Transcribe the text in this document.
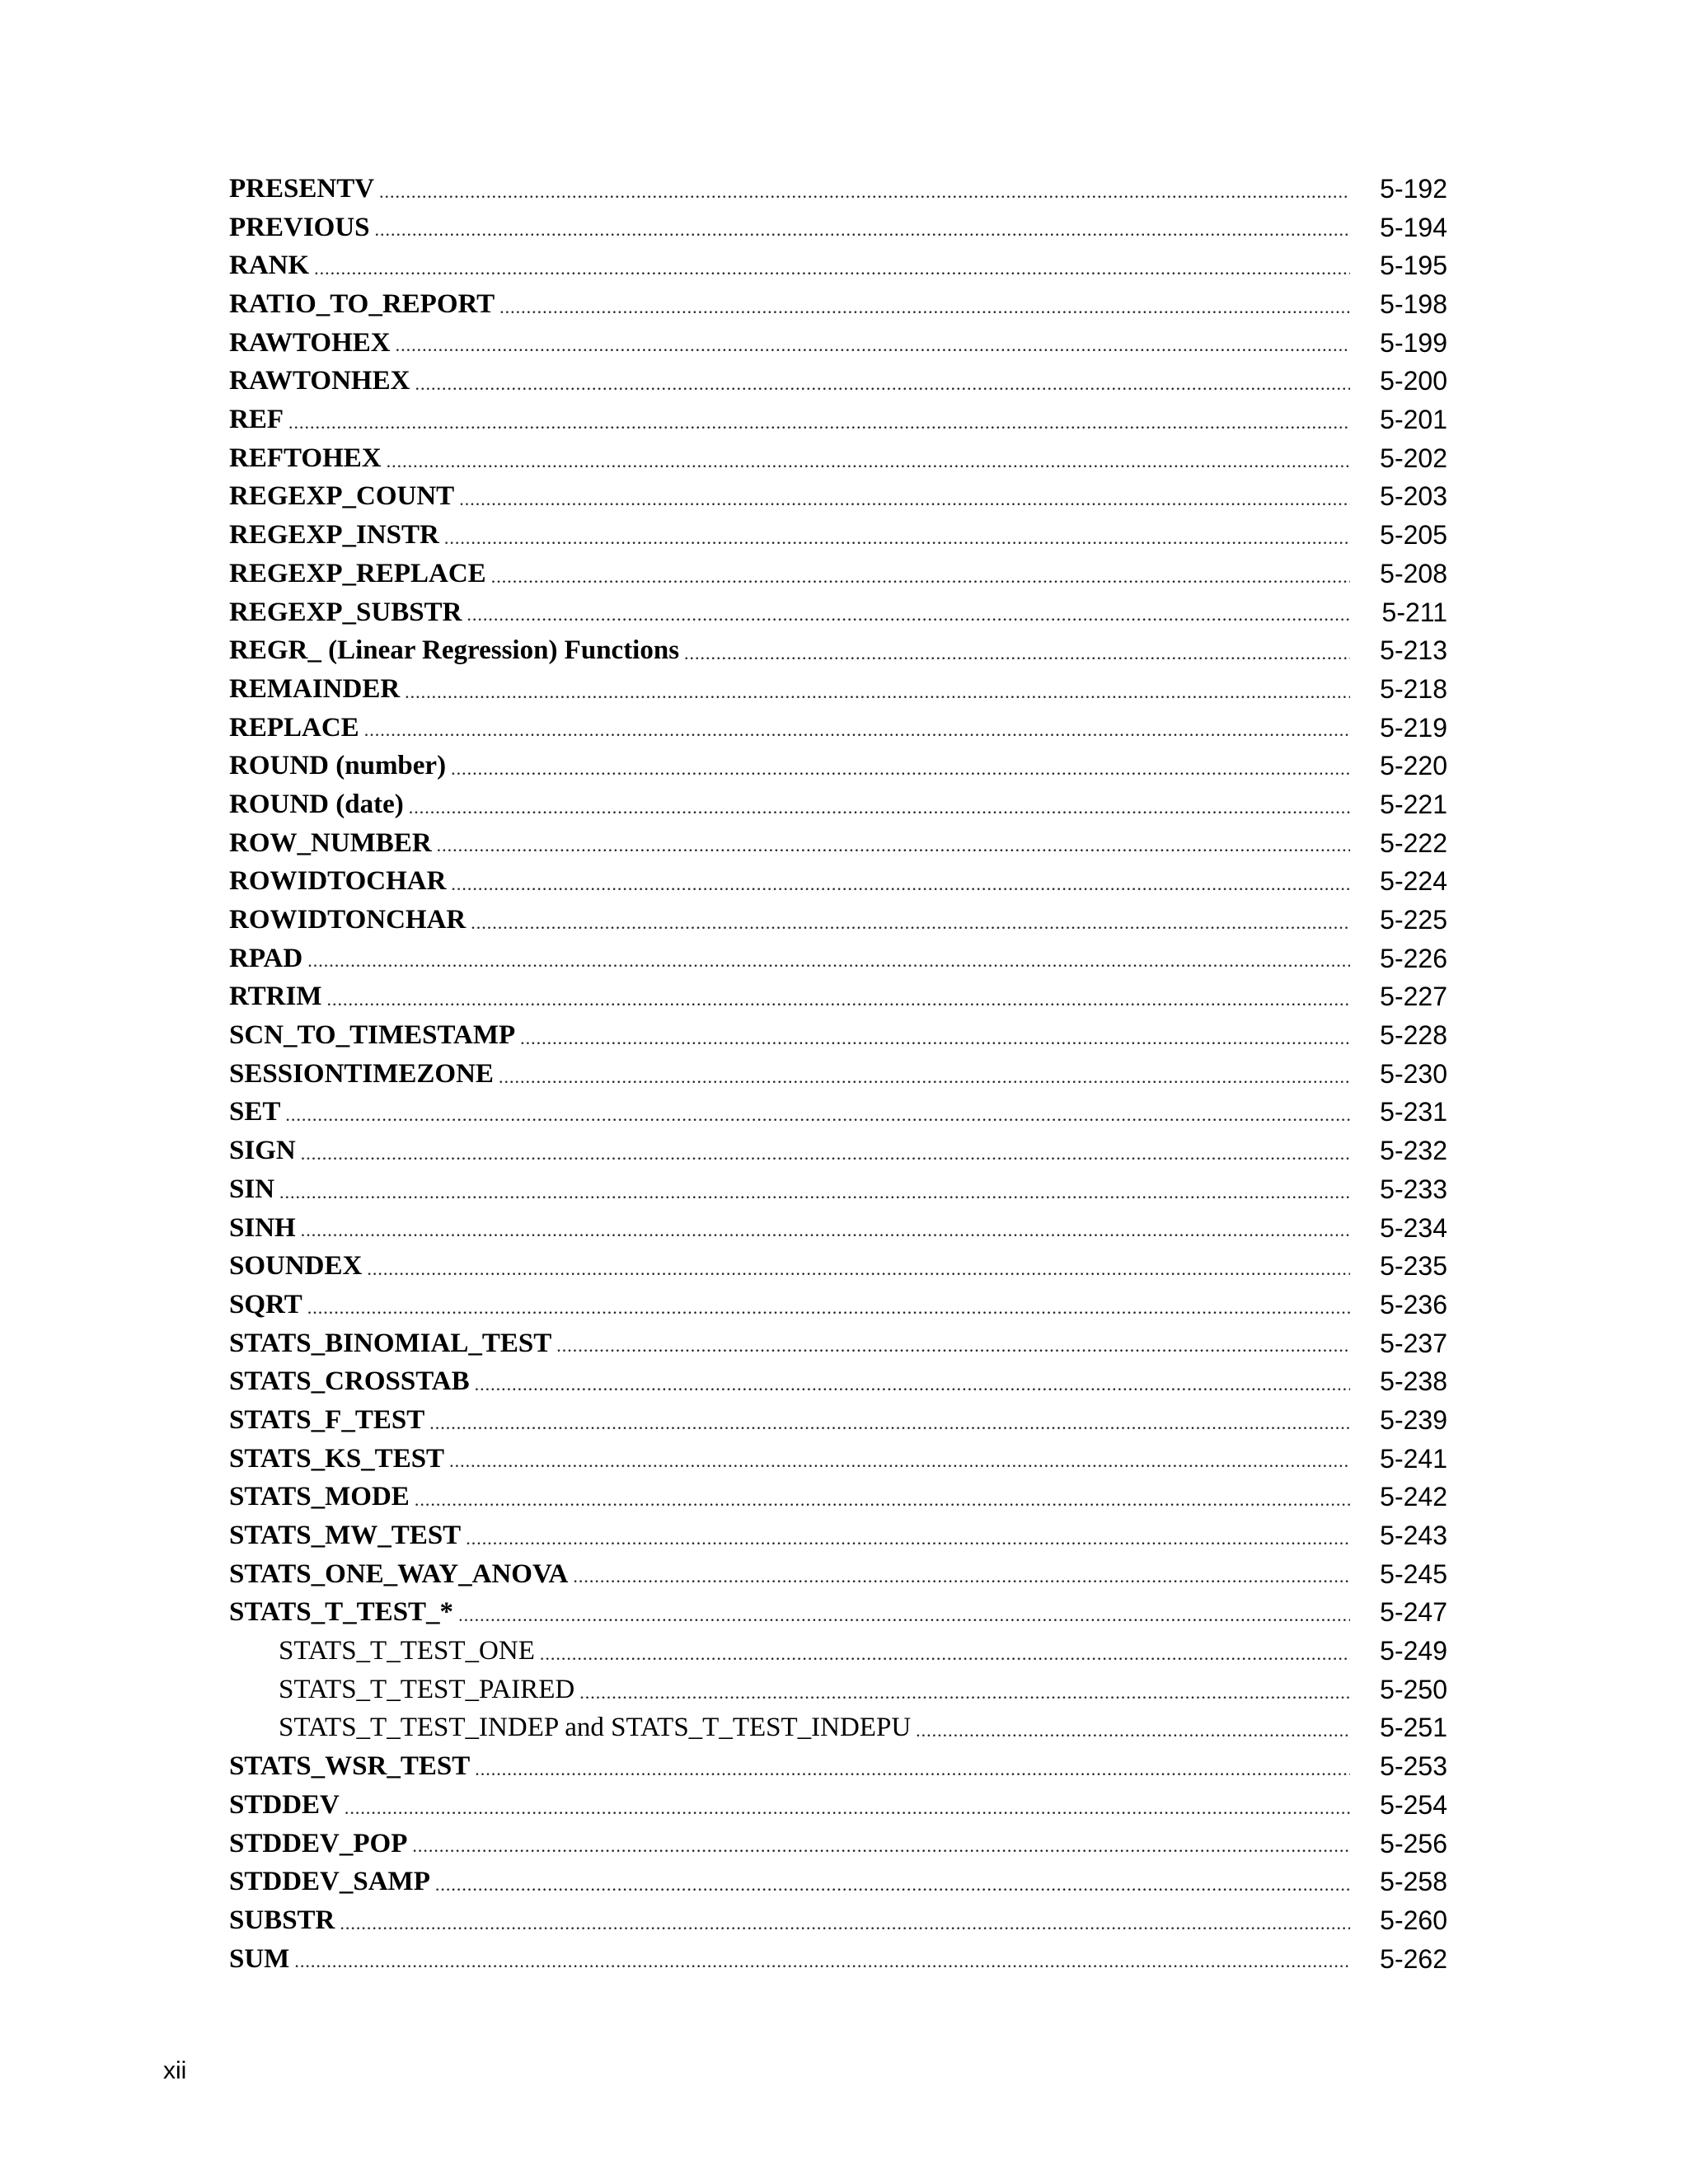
PRESENTV .....	5-192
PREVIOUS .....	5-194
RANK .....	5-195
RATIO_TO_REPORT .....	5-198
RAWTOHEX .....	5-199
RAWTONHEX .....	5-200
REF .....	5-201
REFTOHEX .....	5-202
REGEXP_COUNT .....	5-203
REGEXP_INSTR .....	5-205
REGEXP_REPLACE .....	5-208
REGEXP_SUBSTR .....	5-211
REGR_ (Linear Regression) Functions .....	5-213
REMAINDER .....	5-218
REPLACE .....	5-219
ROUND (number) .....	5-220
ROUND (date) .....	5-221
ROW_NUMBER .....	5-222
ROWIDTOCHAR .....	5-224
ROWIDTONCHAR .....	5-225
RPAD .....	5-226
RTRIM .....	5-227
SCN_TO_TIMESTAMP .....	5-228
SESSIONTIMEZONE .....	5-230
SET .....	5-231
SIGN .....	5-232
SIN .....	5-233
SINH .....	5-234
SOUNDEX .....	5-235
SQRT .....	5-236
STATS_BINOMIAL_TEST .....	5-237
STATS_CROSSTAB .....	5-238
STATS_F_TEST .....	5-239
STATS_KS_TEST .....	5-241
STATS_MODE .....	5-242
STATS_MW_TEST .....	5-243
STATS_ONE_WAY_ANOVA .....	5-245
STATS_T_TEST_* .....	5-247
STATS_T_TEST_ONE .....	5-249
STATS_T_TEST_PAIRED .....	5-250
STATS_T_TEST_INDEP and STATS_T_TEST_INDEPU .....	5-251
STATS_WSR_TEST .....	5-253
STDDEV .....	5-254
STDDEV_POP .....	5-256
STDDEV_SAMP .....	5-258
SUBSTR .....	5-260
SUM .....	5-262
xii
